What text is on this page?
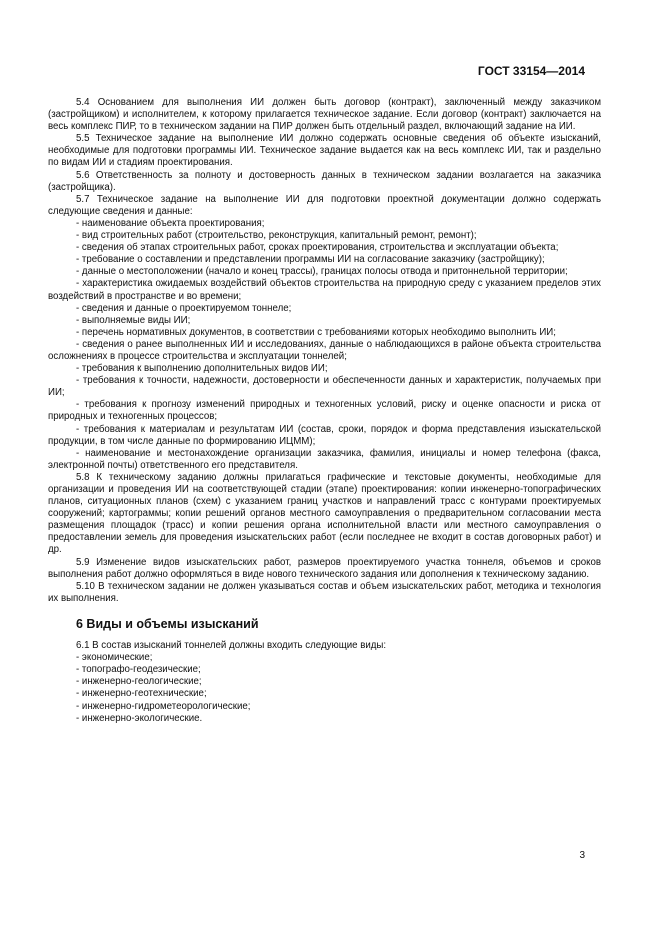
ГОСТ 33154—2014

5.4 Основанием для выполнения ИИ должен быть договор (контракт), заключенный между заказчиком (застройщиком) и исполнителем, к которому прилагается техническое задание. Если договор (контракт) заключается на весь комплекс ПИР, то в техническом задании на ПИР должен быть отдельный раздел, включающий задание на ИИ.

5.5 Техническое задание на выполнение ИИ должно содержать основные сведения об объекте изысканий, необходимые для подготовки программы ИИ. Техническое задание выдается как на весь комплекс ИИ, так и раздельно по видам ИИ и стадиям проектирования.

5.6 Ответственность за полноту и достоверность данных в техническом задании возлагается на заказчика (застройщика).

5.7 Техническое задание на выполнение ИИ для подготовки проектной документации должно содержать следующие сведения и данные:

- наименование объекта проектирования;

- вид строительных работ (строительство, реконструкция, капитальный ремонт, ремонт);

- сведения об этапах строительных работ, сроках проектирования, строительства и эксплуатации объекта;

- требование о составлении и представлении программы ИИ на согласование заказчику (застройщику);

- данные о местоположении (начало и конец трассы), границах полосы отвода и притоннельной территории;

- характеристика ожидаемых воздействий объектов строительства на природную среду с указанием пределов этих воздействий в пространстве и во времени;

- сведения и данные о проектируемом тоннеле;

- выполняемые виды ИИ;

- перечень нормативных документов, в соответствии с требованиями которых необходимо выполнить ИИ;

- сведения о ранее выполненных ИИ и исследованиях, данные о наблюдающихся в районе объекта строительства осложнениях в процессе строительства и эксплуатации тоннелей;

- требования к выполнению дополнительных видов ИИ;

- требования к точности, надежности, достоверности и обеспеченности данных и характеристик, получаемых при ИИ;

- требования к прогнозу изменений природных и техногенных условий, риску и оценке опасности и риска от природных и техногенных процессов;

- требования к материалам и результатам ИИ (состав, сроки, порядок и форма представления изыскательской продукции, в том числе данные по формированию ИЦММ);

- наименование и местонахождение организации заказчика, фамилия, инициалы и номер телефона (факса, электронной почты) ответственного его представителя.

5.8 К техническому заданию должны прилагаться графические и текстовые документы, необходимые для организации и проведения ИИ на соответствующей стадии (этапе) проектирования: копии инженерно-топографических планов, ситуационных планов (схем) с указанием границ участков и направлений трасс с контурами проектируемых сооружений; картограммы; копии решений органов местного самоуправления о предварительном согласовании места размещения площадок (трасс) и копии решения органа исполнительной власти или местного самоуправления о предоставлении земель для проведения изыскательских работ (если последнее не входит в состав договорных работ) и др.

5.9 Изменение видов изыскательских работ, размеров проектируемого участка тоннеля, объемов и сроков выполнения работ должно оформляться в виде нового технического задания или дополнения к техническому заданию.

5.10 В техническом задании не должен указываться состав и объем изыскательских работ, методика и технология их выполнения.

6 Виды и объемы изысканий

6.1 В состав изысканий тоннелей должны входить следующие виды:

- экономические;

- топографо-геодезические;

- инженерно-геологические;

- инженерно-геотехнические;

- инженерно-гидрометеорологические;

- инженерно-экологические.

3
